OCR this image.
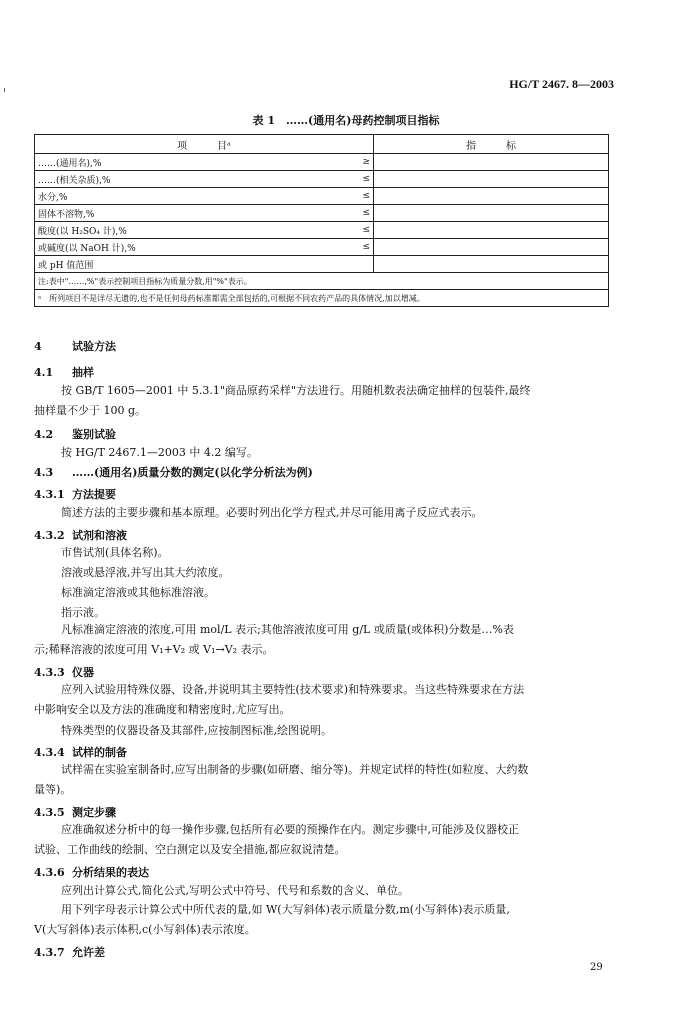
HG/T 2467. 8—2003
表 1　……(通用名)母药控制项目指标
项　　　目ᵃ		指　　　标
……(通用名),%	≥	
……(相关杂质),%	≤	
水分,%	≤	
固体不溶物,%	≤	
酸度(以 H₂SO₄ 计),%	≤	
或碱度(以 NaOH 计),%	≤	
或 pH 值范围		
注:表中"……,%"表示控制项目指标为质量分数,用"%"表示。		
ᵃ　所列项目不是详尽无遗的,也不是任何母药标准都需全部包括的,可根据不同农药产品的具体情况,加以增减。		
4	试验方法
4.1 抽样
按 GB/T 1605—2001 中 5.3.1"商品原药采样"方法进行。用随机数表法确定抽样的包装件,最终
抽样量不少于 100 g。
4.2 鉴别试验
按 HG/T 2467.1—2003 中 4.2 编写。
4.3 ……(通用名)质量分数的测定(以化学分析法为例)
4.3.1 方法提要
简述方法的主要步骤和基本原理。必要时列出化学方程式,并尽可能用离子反应式表示。
4.3.2 试剂和溶液
市售试剂(具体名称)。
溶液或悬浮液,并写出其大约浓度。
标准滴定溶液或其他标准溶液。
指示液。
凡标准滴定溶液的浓度,可用 mol/L 表示;其他溶液浓度可用 g/L 或质量(或体积)分数是…%表
示;稀释溶液的浓度可用 V₁+V₂ 或 V₁→V₂ 表示。
4.3.3 仪器
应列入试验用特殊仪器、设备,并说明其主要特性(技术要求)和特殊要求。当这些特殊要求在方法
中影响安全以及方法的准确度和精密度时,尤应写出。
特殊类型的仪器设备及其部件,应按制图标准,绘图说明。
4.3.4 试样的制备
试样需在实验室制备时,应写出制备的步骤(如研磨、缩分等)。并规定试样的特性(如粒度、大约数
量等)。
4.3.5 测定步骤
应准确叙述分析中的每一操作步骤,包括所有必要的预操作在内。测定步骤中,可能涉及仪器校正
试验、工作曲线的绘制、空白测定以及安全措施,都应叙说清楚。
4.3.6 分析结果的表达
应列出计算公式,简化公式,写明公式中符号、代号和系数的含义、单位。
用下列字母表示计算公式中所代表的量,如 W(大写斜体)表示质量分数,m(小写斜体)表示质量,
V(大写斜体)表示体积,c(小写斜体)表示浓度。
4.3.7 允许差
29
